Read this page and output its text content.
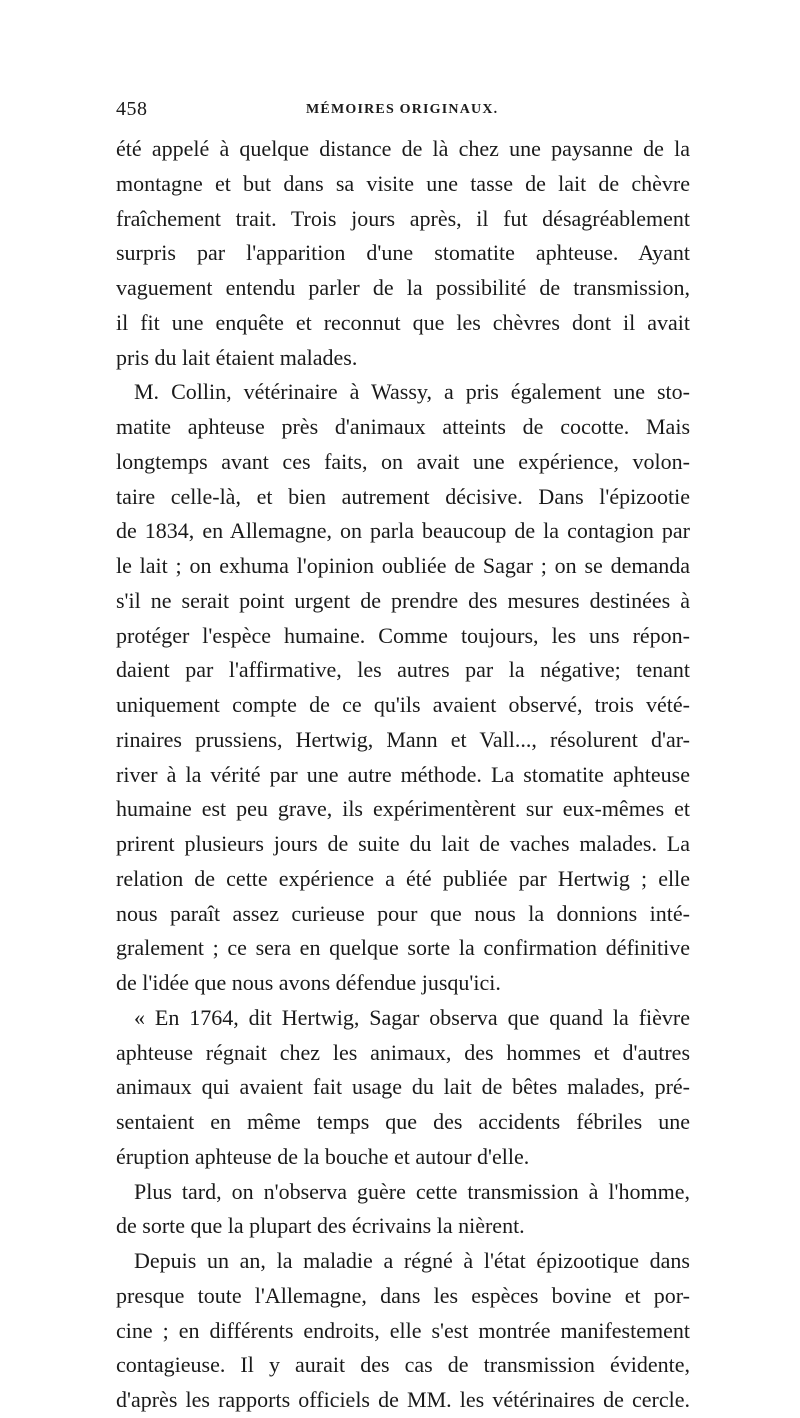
458	MÉMOIRES ORIGINAUX.
été appelé à quelque distance de là chez une paysanne de la
montagne et but dans sa visite une tasse de lait de chèvre
fraîchement trait. Trois jours après, il fut désagréablement
surpris par l'apparition d'une stomatite aphteuse. Ayant
vaguement entendu parler de la possibilité de transmission,
il fit une enquête et reconnut que les chèvres dont il avait
pris du lait étaient malades.
M. Collin, vétérinaire à Wassy, a pris également une sto-
matite aphteuse près d'animaux atteints de cocotte. Mais
longtemps avant ces faits, on avait une expérience, volon-
taire celle-là, et bien autrement décisive. Dans l'épizootie
de 1834, en Allemagne, on parla beaucoup de la contagion par
le lait ; on exhuma l'opinion oubliée de Sagar ; on se demanda
s'il ne serait point urgent de prendre des mesures destinées à
protéger l'espèce humaine. Comme toujours, les uns répon-
daient par l'affirmative, les autres par la négative; tenant
uniquement compte de ce qu'ils avaient observé, trois vété-
rinaires prussiens, Hertwig, Mann et Vall..., résolurent d'ar-
river à la vérité par une autre méthode. La stomatite aphteuse
humaine est peu grave, ils expérimentèrent sur eux-mêmes et
prirent plusieurs jours de suite du lait de vaches malades. La
relation de cette expérience a été publiée par Hertwig ; elle
nous paraît assez curieuse pour que nous la donnions inté-
gralement ; ce sera en quelque sorte la confirmation définitive
de l'idée que nous avons défendue jusqu'ici.
« En 1764, dit Hertwig, Sagar observa que quand la fièvre
aphteuse régnait chez les animaux, des hommes et d'autres
animaux qui avaient fait usage du lait de bêtes malades, pré-
sentaient en même temps que des accidents fébriles une
éruption aphteuse de la bouche et autour d'elle.
Plus tard, on n'observa guère cette transmission à l'homme,
de sorte que la plupart des écrivains la nièrent.
Depuis un an, la maladie a régné à l'état épizootique dans
presque toute l'Allemagne, dans les espèces bovine et por-
cine ; en différents endroits, elle s'est montrée manifestement
contagieuse. Il y aurait des cas de transmission évidente,
d'après les rapports officiels de MM. les vétérinaires de cercle.
